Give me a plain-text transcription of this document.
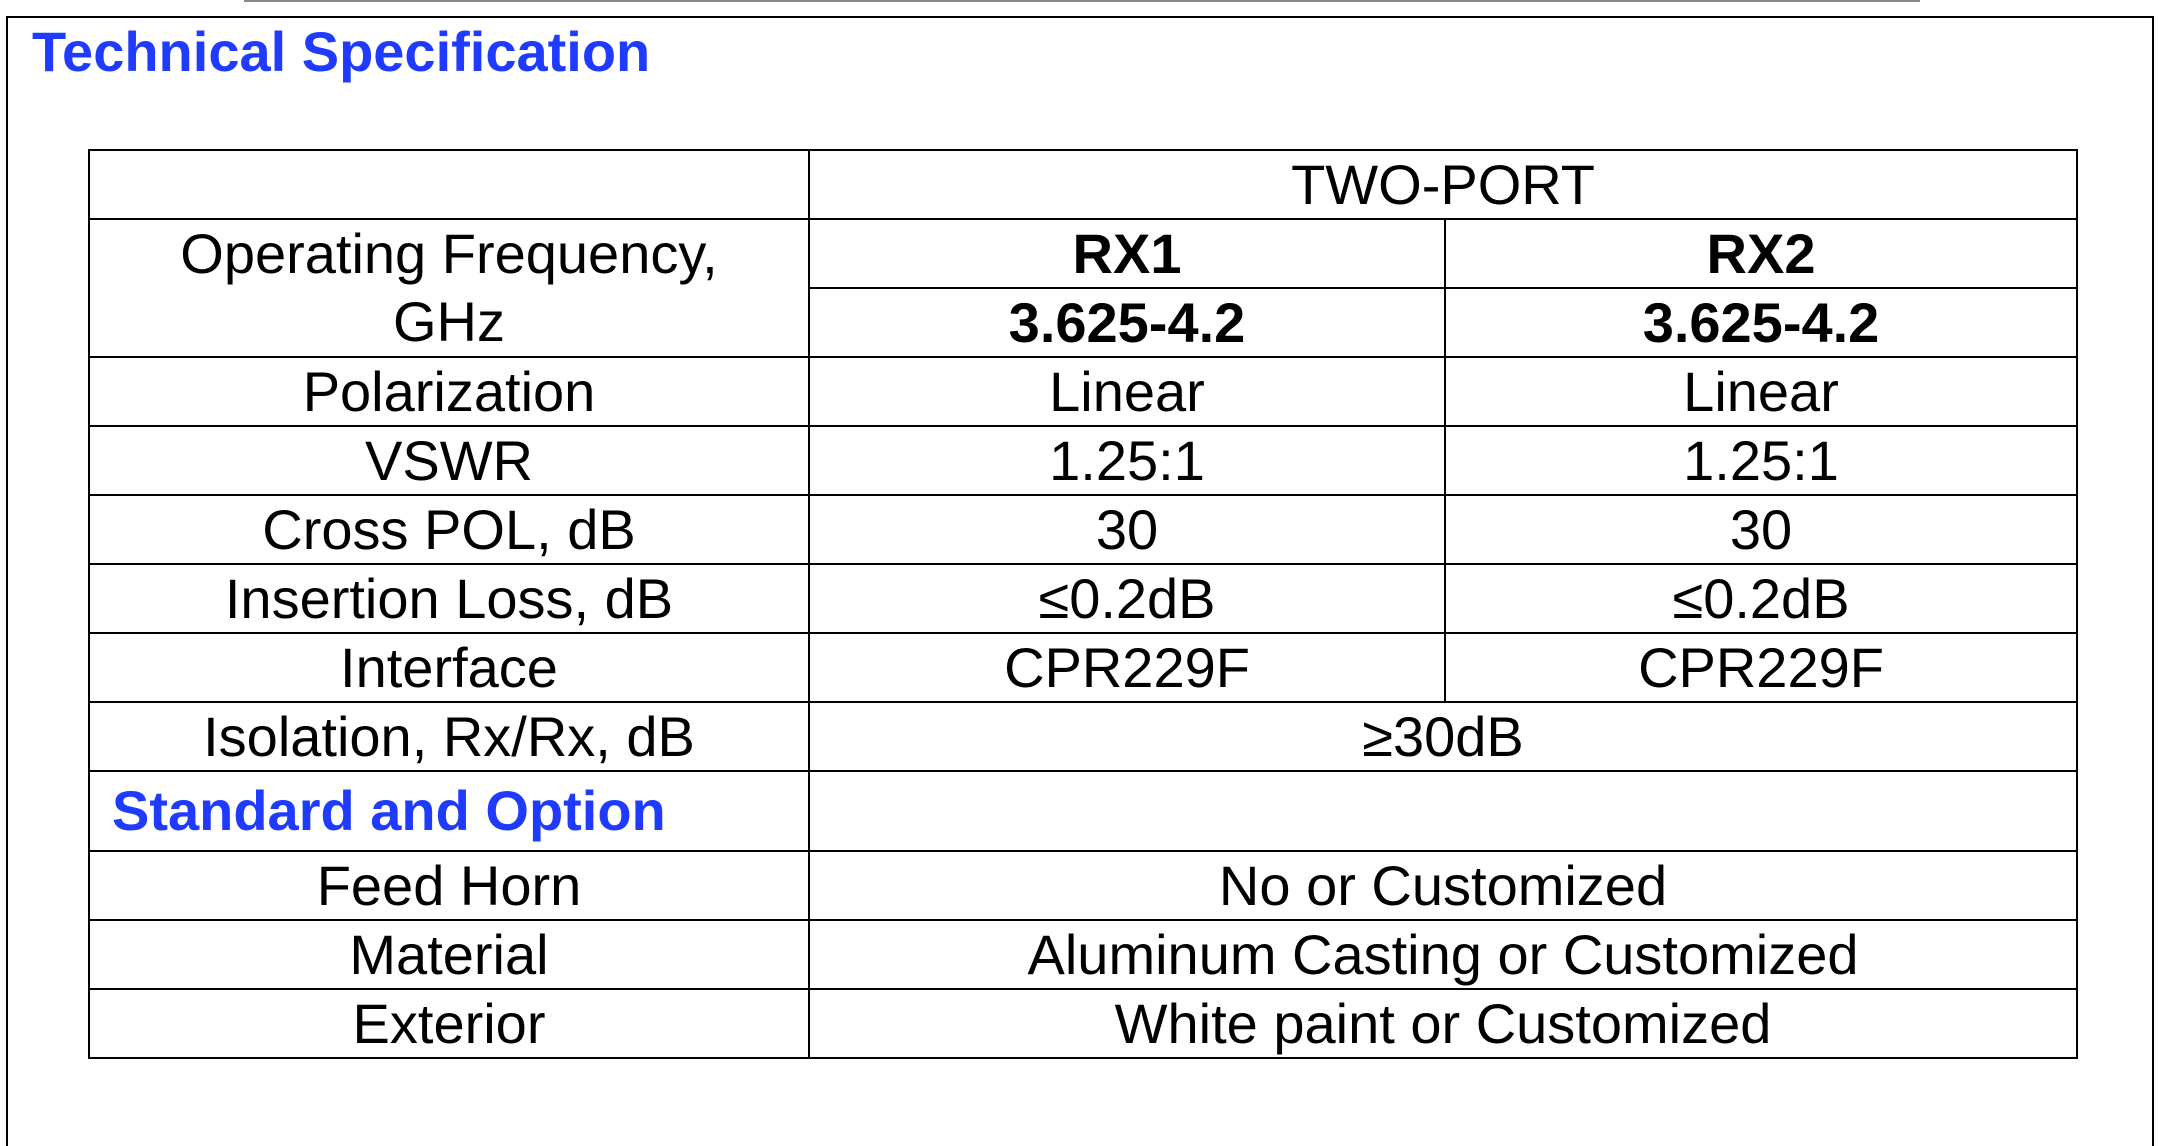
Technical Specification
	TWO-PORT	
Operating Frequency,
GHz	RX1	RX2
	3.625-4.2	3.625-4.2
Polarization	Linear	Linear
VSWR	1.25:1	1.25:1
Cross POL, dB	30	30
Insertion Loss, dB	≤0.2dB	≤0.2dB
Interface	CPR229F	CPR229F
Isolation, Rx/Rx, dB	≥30dB	
Standard and Option		
Feed Horn	No or Customized	
Material	Aluminum Casting or Customized	
Exterior	White paint or Customized	
